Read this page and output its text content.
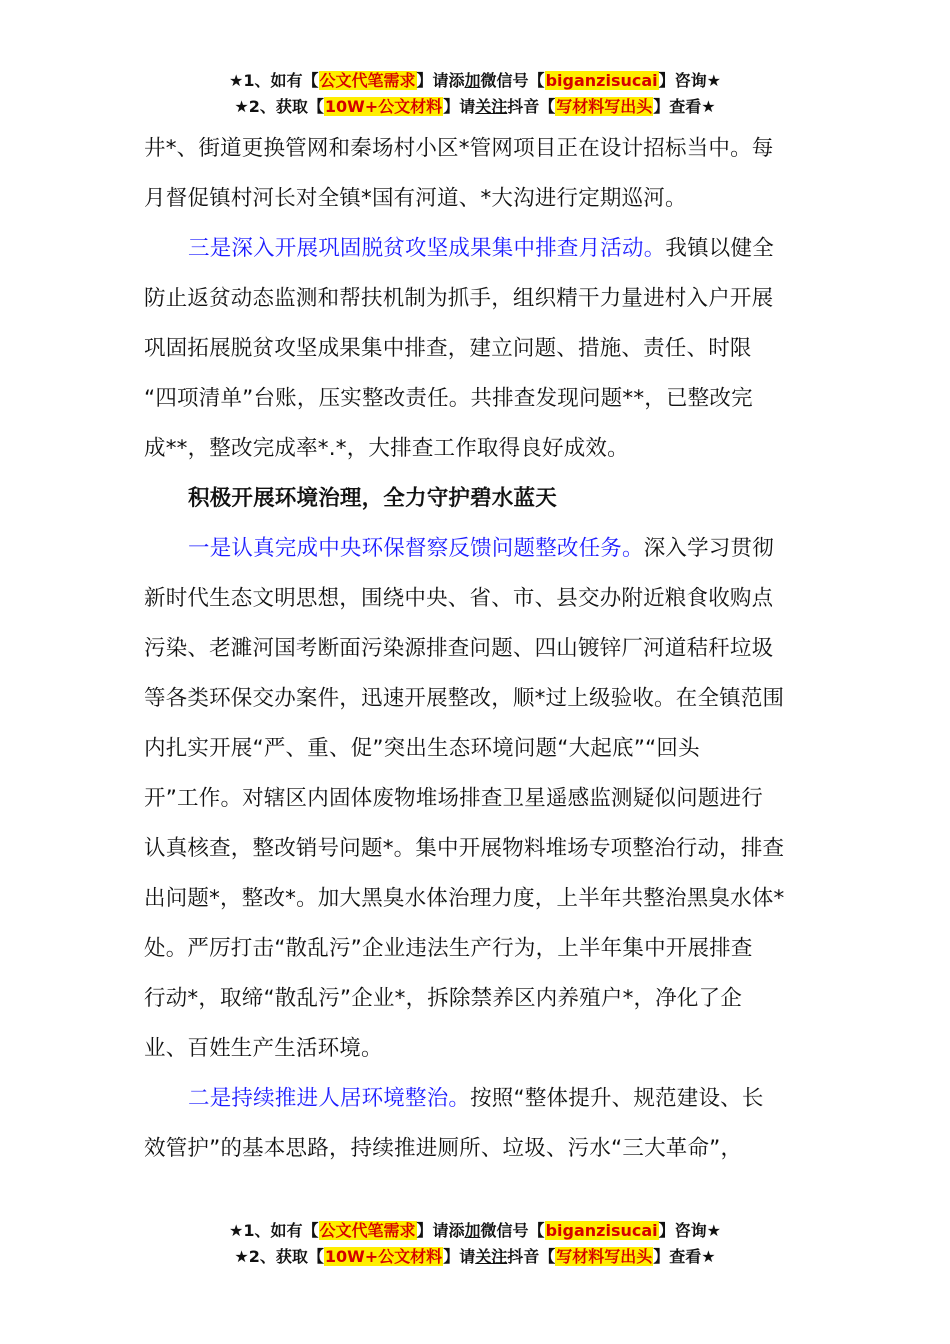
★1、如有【公文代笔需求】请添加微信号【biganzisucai】咨询★
★2、获取【10W+公文材料】请关注抖音【写材料写出头】查看★
井*、街道更换管网和秦场村小区*管网项目正在设计招标当中。每
月督促镇村河长对全镇*国有河道、*大沟进行定期巡河。
三是深入开展巩固脱贫攻坚成果集中排查月活动。我镇以健全
防止返贫动态监测和帮扶机制为抓手，组织精干力量进村入户开展
巩固拓展脱贫攻坚成果集中排查，建立问题、措施、责任、时限
“四项清单”台账，压实整改责任。共排查发现问题**，已整改完
成**，整改完成率*.*，大排查工作取得良好成效。
积极开展环境治理，全力守护碧水蓝天
一是认真完成中央环保督察反馈问题整改任务。深入学习贯彻
新时代生态文明思想，围绕中央、省、市、县交办附近粮食收购点
污染、老濉河国考断面污染源排查问题、四山镀锌厂河道秸秆垃圾
等各类环保交办案件，迅速开展整改，顺*过上级验收。在全镇范围
内扎实开展“严、重、促”突出生态环境问题“大起底”“回头
开”工作。对辖区内固体废物堆场排查卫星遥感监测疑似问题进行
认真核查，整改销号问题*。集中开展物料堆场专项整治行动，排查
出问题*，整改*。加大黑臭水体治理力度，上半年共整治黑臭水体*
处。严厉打击“散乱污”企业违法生产行为，上半年集中开展排查
行动*，取缔“散乱污”企业*，拆除禁养区内养殖户*，净化了企
业、百姓生产生活环境。
二是持续推进人居环境整治。按照“整体提升、规范建设、长
效管护”的基本思路，持续推进厕所、垃圾、污水“三大革命”，
★1、如有【公文代笔需求】请添加微信号【biganzisucai】咨询★
★2、获取【10W+公文材料】请关注抖音【写材料写出头】查看★
